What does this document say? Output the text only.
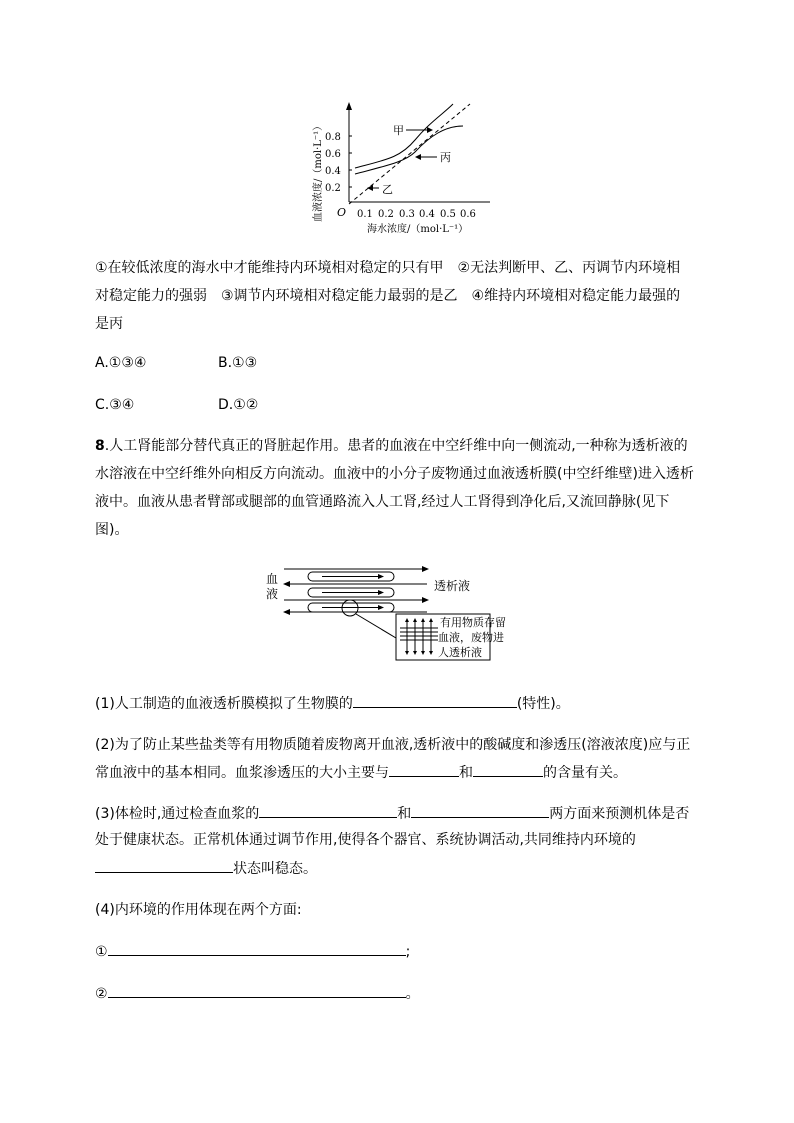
血液浓度/（mol·L⁻¹） 0.8
0.6
0.4
0.2
O 0.1 0.2 0.3 0.4 0.5 0.6
海水浓度/（mol·L⁻¹）
甲
丙
乙
①在较低浓度的海水中才能维持内环境相对稳定的只有甲　②无法判断甲、乙、丙调节内环境相
对稳定能力的强弱　③调节内环境相对稳定能力最弱的是乙　④维持内环境相对稳定能力最强的
是丙
A.①③④	B.①③
C.③④	D.①②
8.人工肾能部分替代真正的肾脏起作用。患者的血液在中空纤维中向一侧流动,一种称为透析液的
水溶液在中空纤维外向相反方向流动。血液中的小分子废物通过血液透析膜(中空纤维壁)进入透析
液中。血液从患者臂部或腿部的血管通路流入人工肾,经过人工肾得到净化后,又流回静脉(见下
图)。
血
液
透析液
有用物质存留
血液，废物进
人透析液
(1)人工制造的血液透析膜模拟了生物膜的	(特性)。
(2)为了防止某些盐类等有用物质随着废物离开血液,透析液中的酸碱度和渗透压(溶液浓度)应与正
常血液中的基本相同。血浆渗透压的大小主要与	和	的含量有关。
(3)体检时,通过检查血浆的	和	两方面来预测机体是否
处于健康状态。正常机体通过调节作用,使得各个器官、系统协调活动,共同维持内环境的
状态叫稳态。
(4)内环境的作用体现在两个方面:
①	;
②	。
